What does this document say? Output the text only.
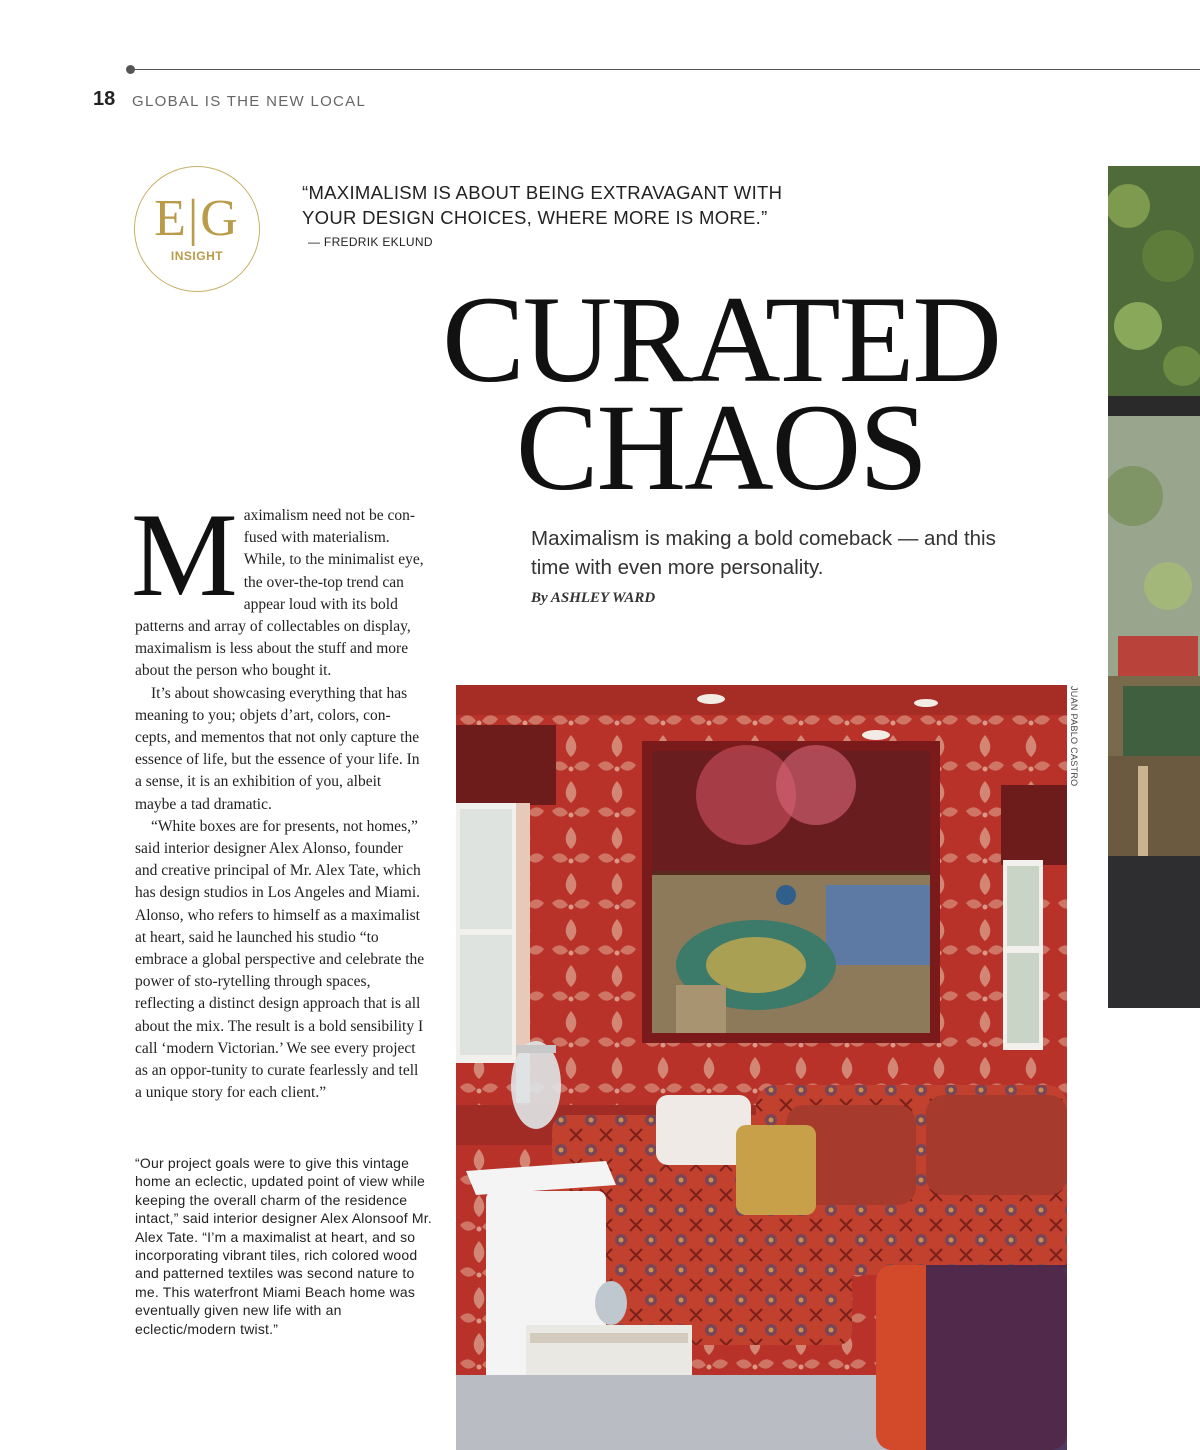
18 GLOBAL IS THE NEW LOCAL
E|G
INSIGHT
“MAXIMALISM IS ABOUT BEING EXTRAVAGANT WITH YOUR DESIGN CHOICES, WHERE MORE IS MORE.”
— FREDRIK EKLUND
CURATED
CHAOS
Maximalism is making a bold comeback — and this time with even more personality.
By ASHLEY WARD
M aximalism need not be con-fused with materialism. While, to the minimalist eye, the over-the-top trend can appear loud with its bold patterns and array of collectables on display, maximalism is less about the stuff and more about the person who bought it.

It’s about showcasing everything that has meaning to you; objets d’art, colors, con-cepts, and mementos that not only capture the essence of life, but the essence of your life. In a sense, it is an exhibition of you, albeit maybe a tad dramatic.

“White boxes are for presents, not homes,” said interior designer Alex Alonso, founder and creative principal of Mr. Alex Tate, which has design studios in Los Angeles and Miami. Alonso, who refers to himself as a maximalist at heart, said he launched his studio “to embrace a global perspective and celebrate the power of sto-rytelling through spaces, reflecting a distinct design approach that is all about the mix. The result is a bold sensibility I call ‘modern Victorian.’ We see every project as an oppor-tunity to curate fearlessly and tell a unique story for each client.”

“Our project goals were to give this vintage home an eclectic, updated point of view while keeping the overall charm of the residence intact,” said interior designer Alex Alonsoof Mr. Alex Tate. “I’m a maximalist at heart, and so incorporating vibrant tiles, rich colored wood and patterned textiles was second nature to me. This waterfront Miami Beach home was eventually given new life with an eclectic/modern twist.”
JUAN PABLO CASTRO
